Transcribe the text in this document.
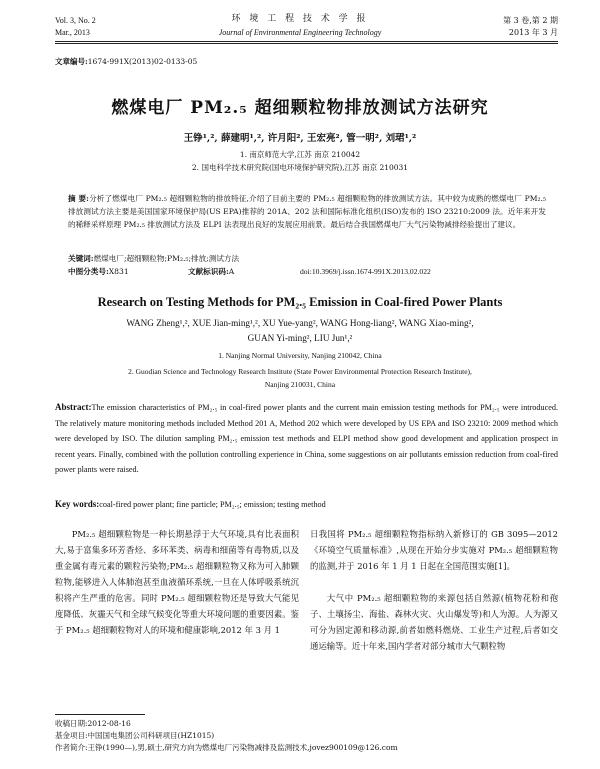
Vol. 3, No. 2
Mar., 2013
环 境 工 程 技 术 学 报
Journal of Environmental Engineering Technology
第 3 卷,第 2 期
2013 年 3 月
文章编号:1674-991X(2013)02-0133-05
燃煤电厂 PM₂.₅ 超细颗粒物排放测试方法研究
王铮¹,², 薛建明¹,², 许月阳², 王宏亮², 管一明², 刘珺¹,²
1. 南京师范大学,江苏 南京 210042
2. 国电科学技术研究院(国电环境保护研究院),江苏 南京 210031
摘 要:分析了燃煤电厂 PM₂.₅ 超细颗粒物的排放特征,介绍了目前主要的 PM₂.₅ 超细颗粒物的排放测试方法。其中较为成熟的燃煤电厂 PM₂.₅ 排放测试方法主要是美国国家环境保护局(US EPA)推荐的 201A、202 法和国际标准化组织(ISO)发布的 ISO 23210:2009 法。近年来开发的稀释采样原理 PM₂.₅ 排放测试方法及 ELPI 法表现出良好的发展应用前景。最后结合我国燃煤电厂大气污染物减排经验提出了建议。
关键词:燃煤电厂;超细颗粒物;PM₂.₅;排放;测试方法
中图分类号:X831	文献标识码:A	doi:10.3969/j.issn.1674-991X.2013.02.022
Research on Testing Methods for PM₂.₅ Emission in Coal-fired Power Plants
WANG Zheng¹,², XUE Jian-ming¹,², XU Yue-yang², WANG Hong-liang², WANG Xiao-ming²,
GUAN Yi-ming², LIU Jun¹,²
1. Nanjing Normal University, Nanjing 210042, China
2. Guodian Science and Technology Research Institute (State Power Environmental Protection Research Institute),
Nanjing 210031, China
Abstract:The emission characteristics of PM₂.₅ in coal-fired power plants and the current main emission testing methods for PM₂.₅ were introduced. The relatively mature monitoring methods included Method 201 A, Method 202 which were developed by US EPA and ISO 23210: 2009 method which were developed by ISO. The dilution sampling PM₂.₅ emission test methods and ELPI method show good development and application prospect in recent years. Finally, combined with the pollution controlling experience in China, some suggestions on air pollutants emission reduction from coal-fired power plants were raised.
Key words:coal-fired power plant; fine particle; PM₂.₅; emission; testing method
PM₂.₅ 超细颗粒物是一种长期悬浮于大气环境,具有比表面积大,易于富集多环芳香烃、多环苯类、病毒和细菌等有毒物质,以及重金属有毒元素的颗粒污染物;PM₂.₅ 超细颗粒物又称为可入肺颗粒物,能够进入人体肺泡甚至血液循环系统,一旦在人体呼吸系统沉积将产生严重的危害。同时 PM₂.₅ 超细颗粒物还是导致大气能见度降低、灰霾天气和全球气候变化等重大环境问题的重要因素。鉴于 PM₂.₅ 超细颗粒物对人的环境和健康影响,2012 年 3 月 1
日我国将 PM₂.₅ 超细颗粒物指标纳入新修订的 GB 3095—2012《环境空气质量标准》,从现在开始分步实施对 PM₂.₅ 超细颗粒物的监测,并于 2016 年 1 月 1 日起在全国范围实施[1]。
大气中 PM₂.₅ 超细颗粒物的来源包括自然源(植物花粉和孢子、土壤扬尘、海盐、森林火灾、火山爆发等)和人为源。人为源又可分为固定源和移动源,前者如燃料燃烧、工业生产过程,后者如交通运输等。近十年来,国内学者对部分城市大气颗粒物
收稿日期:2012-08-16
基金项目:中国国电集团公司科研项目(HZ1015)
作者简介:王铮(1990—),男,硕士,研究方向为燃煤电厂污染物减排及监测技术,jovez900109@126.com
